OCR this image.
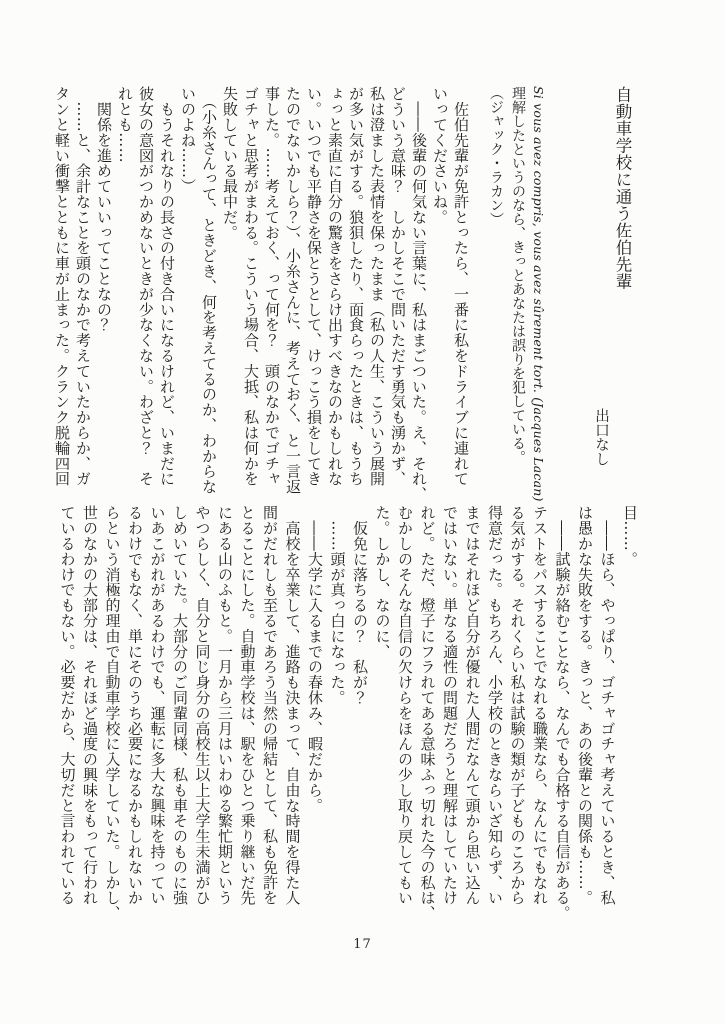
自動車学校に通う佐伯先輩
出口なし
Si vous avez compris, vous avez sûrement tort. (Jacques Lacan)
理解したというのなら、きっとあなたは誤りを犯している。
（ジャック・ラカン）
　佐伯先輩が免許とったら、一番に私をドライブに連れて
いってくださいね。
　――後輩の何気ない言葉に、私はまごついた。え、それ、
どういう意味？　しかしそこで問いただす勇気も湧かず、
私は澄ました表情を保ったまま（私の人生、こういう展開
が多い気がする。狼狽したり、面食らったときは、もうち
ょっと素直に自分の驚きをさらけ出すべきなのかもしれな
い。いつでも平静さを保とうとして、けっこう損をしてき
たのでないかしら？）、小糸さんに、考えておく、と一言返
事した。……考えておく、って何を？　頭のなかでゴチャ
ゴチャと思考がまわる。こういう場合、大抵、私は何かを
失敗している最中だ。
　（小糸さんって、ときどき、何を考えてるのか、わからな
いのよね……）
　もうそれなりの長さの付き合いになるけれど、いまだに
彼女の意図がつかめないときが少なくない。わざと？　そ
れとも……
　関係を進めていいってことなの？
　……と、余計なことを頭のなかで考えていたからか、ガ
タンと軽い衝撃とともに車が止まった。クランク脱輪四回
目……。
　――ほら、やっぱり、ゴチャゴチャ考えているとき、私
は愚かな失敗をする。きっと、あの後輩との関係も……。
　――試験が絡むことなら、なんでも合格する自信がある。
テストをパスすることでなれる職業なら、なんにでもなれ
る気がする。それくらい私は試験の類が子どものころから
得意だった。もちろん、小学校のときならいざ知らず、い
まではそれほど自分が優れた人間だなんて頭から思い込ん
ではいない。単なる適性の問題だろうと理解はしていたけ
れど。ただ、燈子にフラれてある意味ふっ切れた今の私は、
むかしのそんな自信の欠けらをほんの少し取り戻してもい
た。しかし、なのに、
　仮免に落ちるの？　私が？
　……頭が真っ白になった。
　――大学に入るまでの春休み、暇だから。
　高校を卒業して、進路も決まって、自由な時間を得た人
間がだれしも至るであろう当然の帰結として、私も免許を
とることにした。自動車学校は、駅をひとつ乗り継いだ先
にある山のふもと。一月から三月はいわゆる繁忙期という
やつらしく、自分と同じ身分の高校生以上大学生未満がひ
しめいていた。大部分のご同輩同様、私も車そのものに強
いあこがれがあるわけでも、運転に多大な興味を持ってい
るわけでもなく、単にそのうち必要になるかもしれないか
らという消極的理由で自動車学校に入学していた。しかし、
世のなかの大部分は、それほど過度の興味をもって行われ
ているわけでもない。必要だから、大切だと言われている
17
